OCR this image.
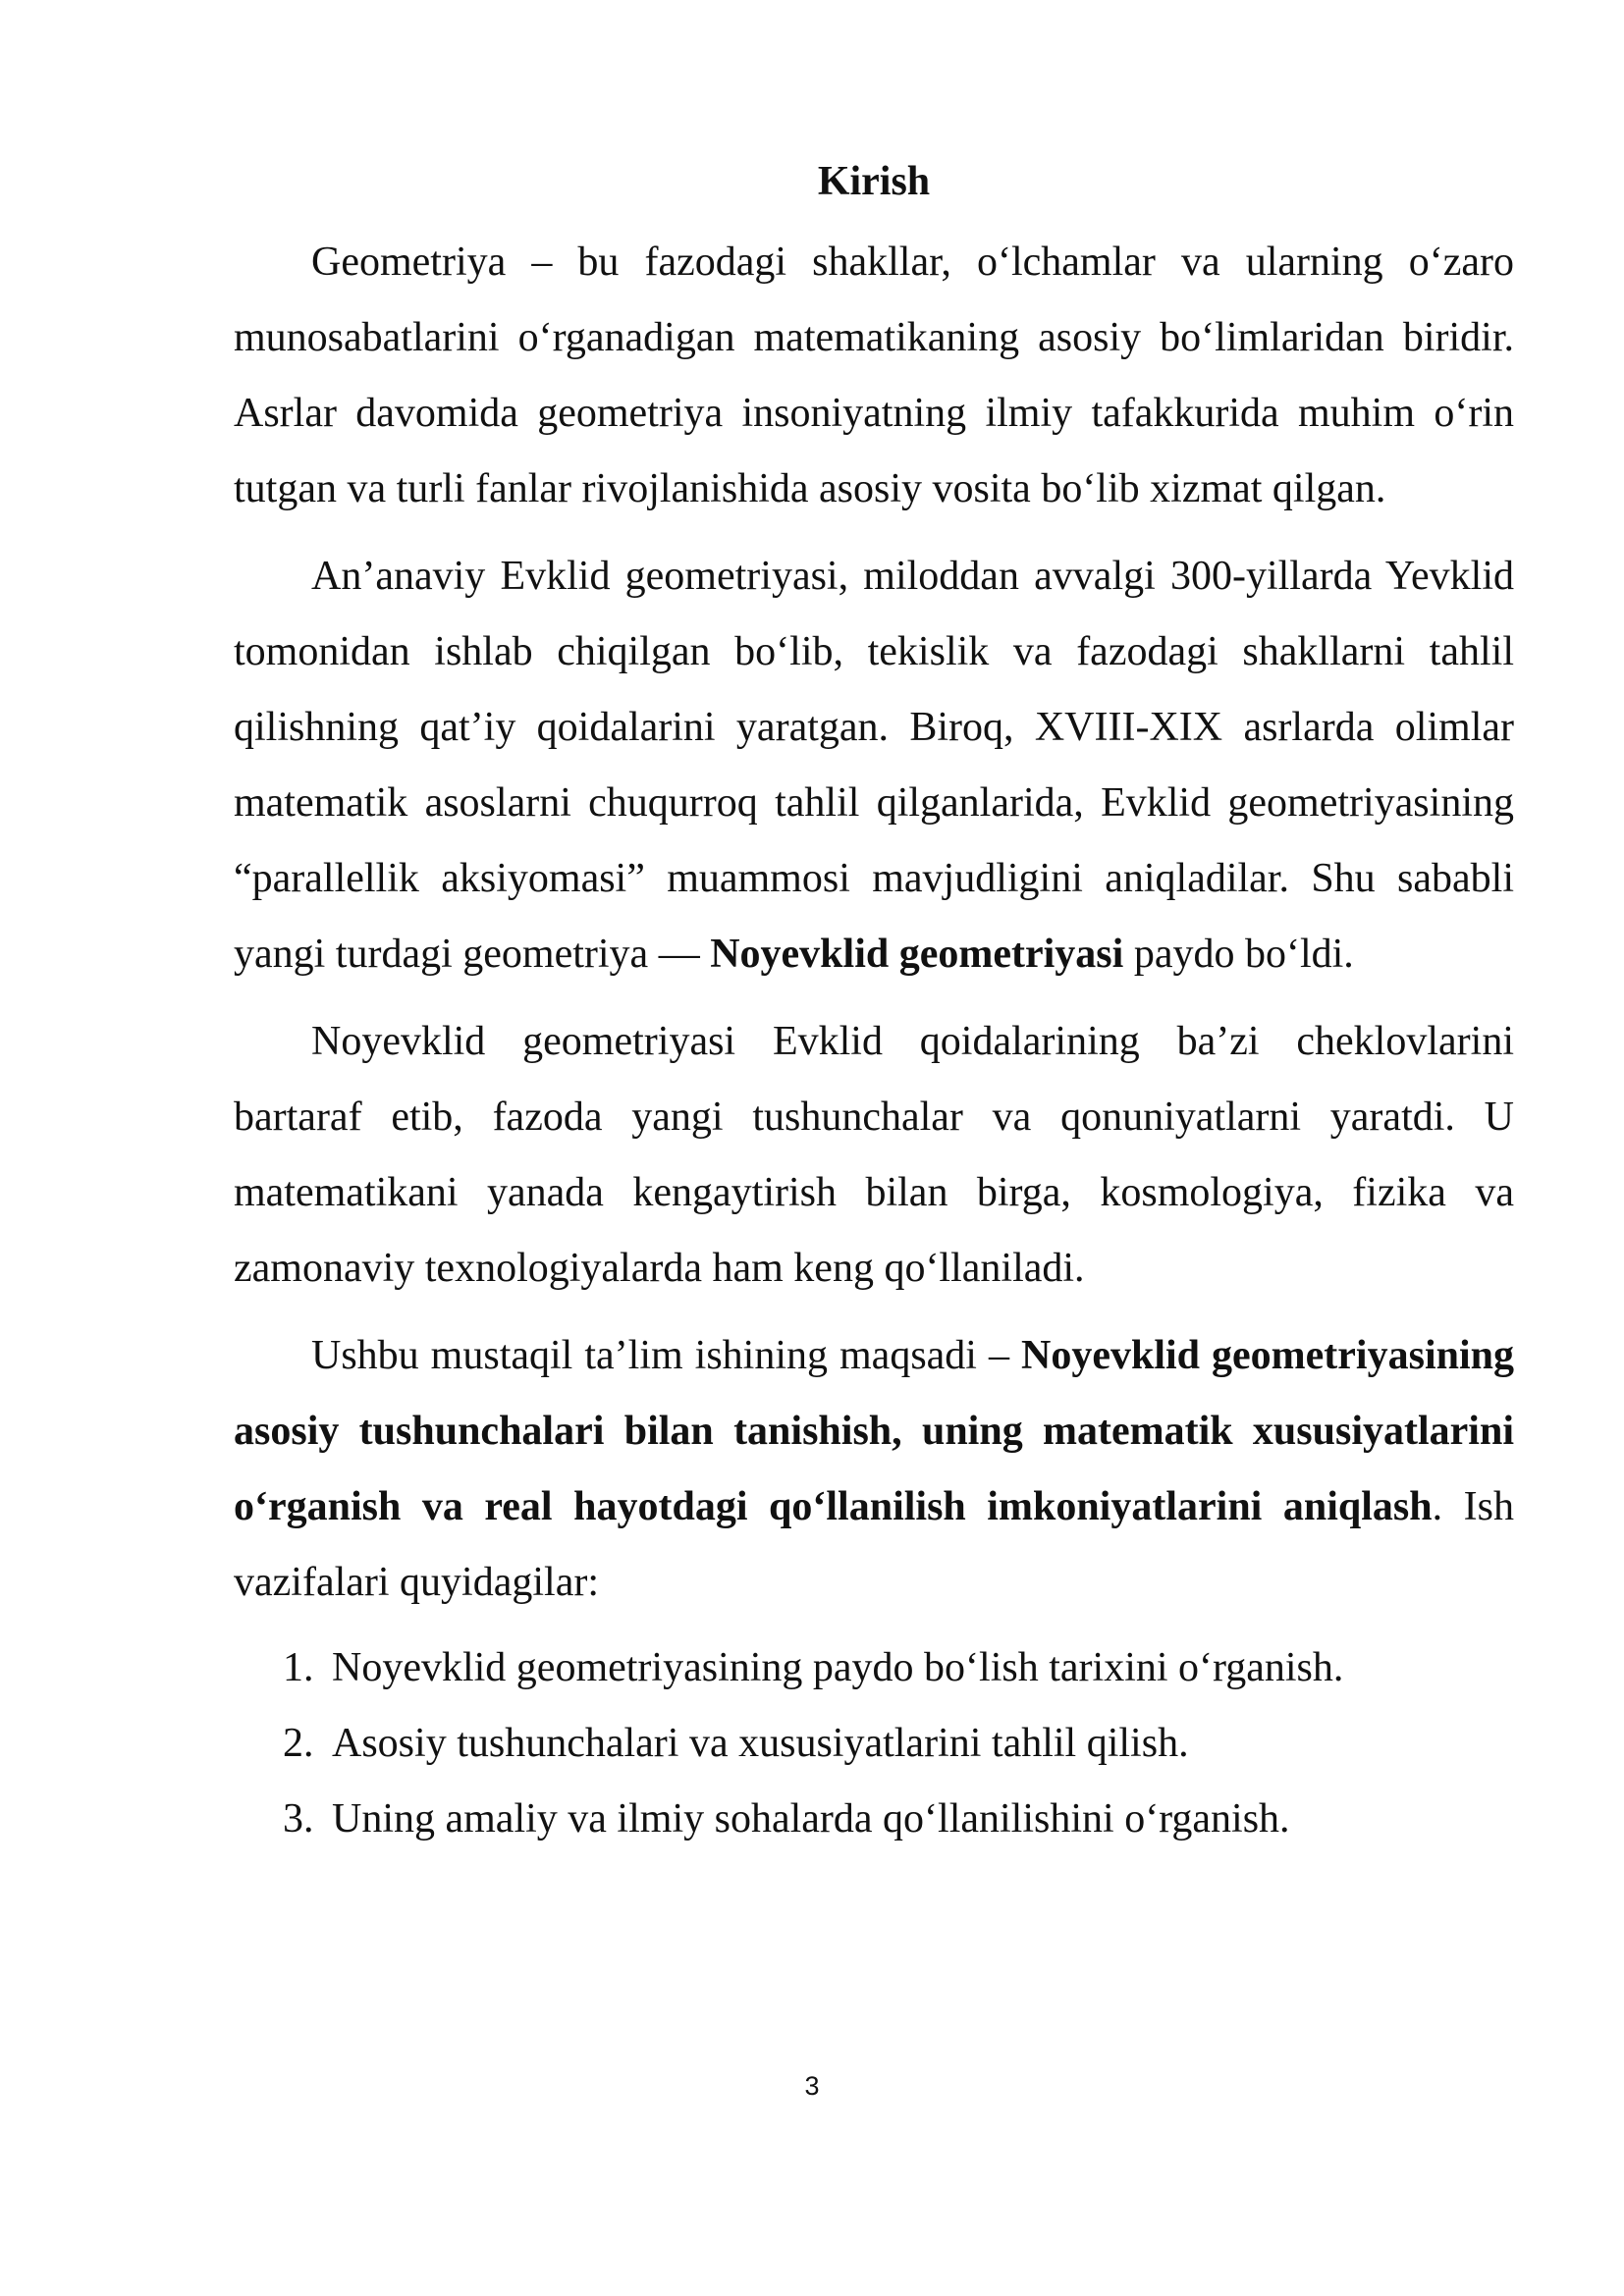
Kirish

Geometriya – bu fazodagi shakllar, o‘lchamlar va ularning o‘zaro munosabatlarini o‘rganadigan matematikaning asosiy bo‘limlaridan biridir. Asrlar davomida geometriya insoniyatning ilmiy tafakkurida muhim o‘rin tutgan va turli fanlar rivojlanishida asosiy vosita bo‘lib xizmat qilgan.

An’anaviy Evklid geometriyasi, miloddan avvalgi 300-yillarda Yevklid tomonidan ishlab chiqilgan bo‘lib, tekislik va fazodagi shakllarni tahlil qilishning qat’iy qoidalarini yaratgan. Biroq, XVIII-XIX asrlarda olimlar matematik asoslarni chuqurroq tahlil qilganlarida, Evklid geometriyasining “parallellik aksiyomasi” muammosi mavjudligini aniqladilar. Shu sababli yangi turdagi geometriya — Noyevklid geometriyasi paydo bo‘ldi.

Noyevklid geometriyasi Evklid qoidalarining ba’zi cheklovlarini bartaraf etib, fazoda yangi tushunchalar va qonuniyatlarni yaratdi. U matematikani yanada kengaytirish bilan birga, kosmologiya, fizika va zamonaviy texnologiyalarda ham keng qo‘llaniladi.

Ushbu mustaqil ta’lim ishining maqsadi – Noyevklid geometriyasining asosiy tushunchalari bilan tanishish, uning matematik xususiyatlarini o‘rganish va real hayotdagi qo‘llanilish imkoniyatlarini aniqlash. Ish vazifalari quyidagilar:

1. Noyevklid geometriyasining paydo bo‘lish tarixini o‘rganish.
2. Asosiy tushunchalari va xususiyatlarini tahlil qilish.
3. Uning amaliy va ilmiy sohalarda qo‘llanilishini o‘rganish.
3
